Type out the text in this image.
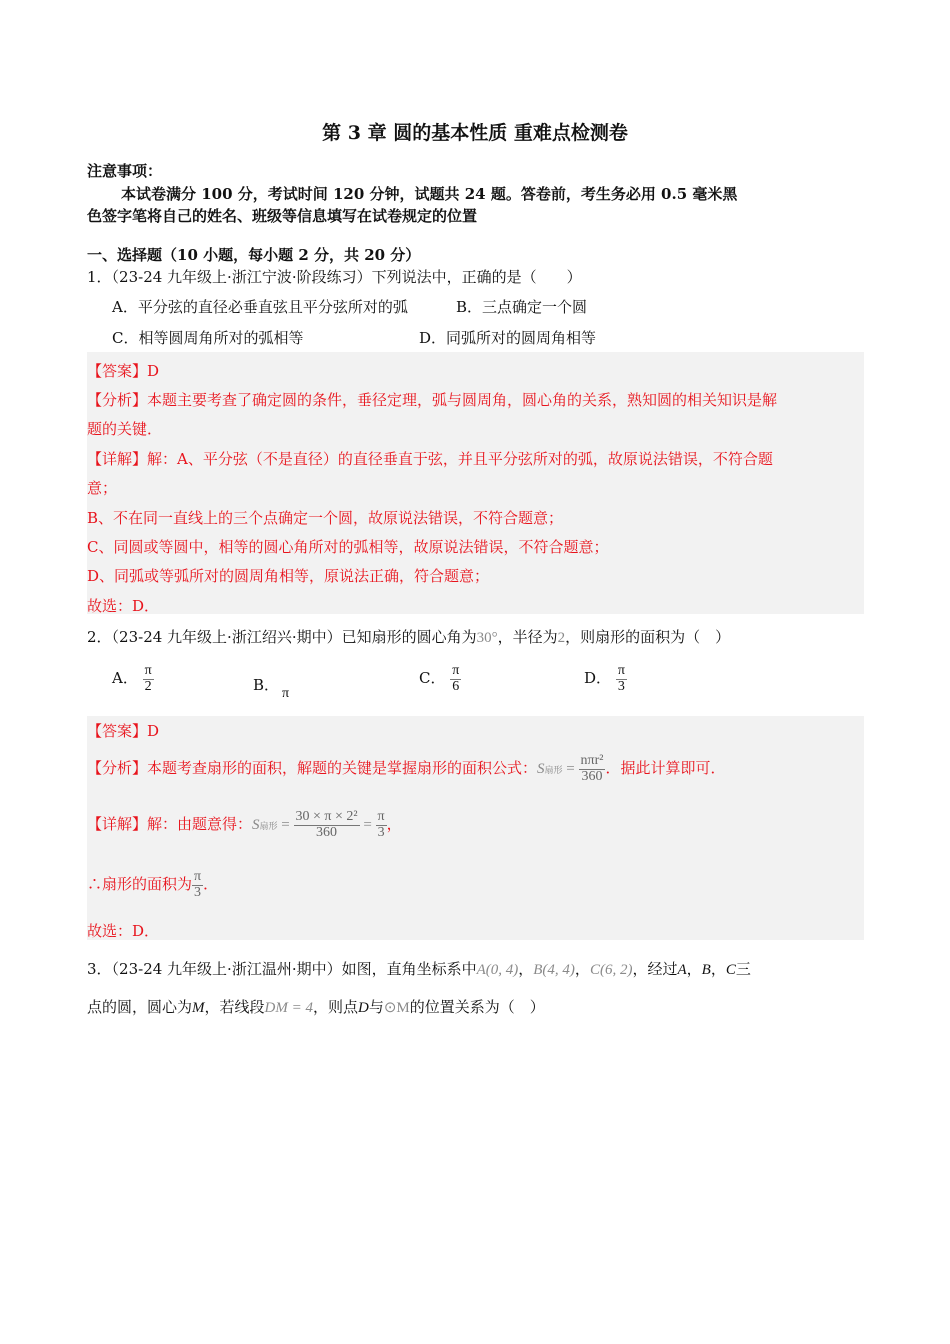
第 3 章 圆的基本性质 重难点检测卷
注意事项：
本试卷满分 100 分，考试时间 120 分钟，试题共 24 题。答卷前，考生务必用 0.5 毫米黑
色签字笔将自己的姓名、班级等信息填写在试卷规定的位置
一、选择题（10 小题，每小题 2 分，共 20 分）
1．（23-24 九年级上·浙江宁波·阶段练习）下列说法中，正确的是（　　）
A．平分弦的直径必垂直弦且平分弦所对的弧	B．三点确定一个圆
C．相等圆周角所对的弧相等	D．同弧所对的圆周角相等
【答案】D
【分析】本题主要考查了确定圆的条件，垂径定理，弧与圆周角，圆心角的关系，熟知圆的相关知识是解
题的关键．
【详解】解：A、平分弦（不是直径）的直径垂直于弦，并且平分弦所对的弧，故原说法错误，不符合题
意；
B、不在同一直线上的三个点确定一个圆，故原说法错误，不符合题意；
C、同圆或等圆中，相等的圆心角所对的弧相等，故原说法错误，不符合题意；
D、同弧或等弧所对的圆周角相等，原说法正确，符合题意；
故选：D．
2．（23-24 九年级上·浙江绍兴·期中）已知扇形的圆心角为30°，半径为2，则扇形的面积为（　）
A． $\frac{\pi}{2}$	B． π
C． $\frac{\pi}{6}$	D． $\frac{\pi}{3}$
【答案】D
【分析】本题考查扇形的面积，解题的关键是掌握扇形的面积公式：S扇形 = $\frac{\text{nπr²}}{360}$ ．据此计算即可．
【详解】解：由题意得：S扇形 = $\frac{\text{30 × π × 2²}}{360} = \frac{\pi}{3}$ ，
∴扇形的面积为 $\frac{\pi}{3}$ ．
故选：D．
3．（23-24 九年级上·浙江温州·期中）如图，直角坐标系中A(0, 4)，B(4, 4)，C(6, 2)，经过A，B，C三
点的圆，圆心为M，若线段DM = 4，则点D与⊙M的位置关系为（　）
